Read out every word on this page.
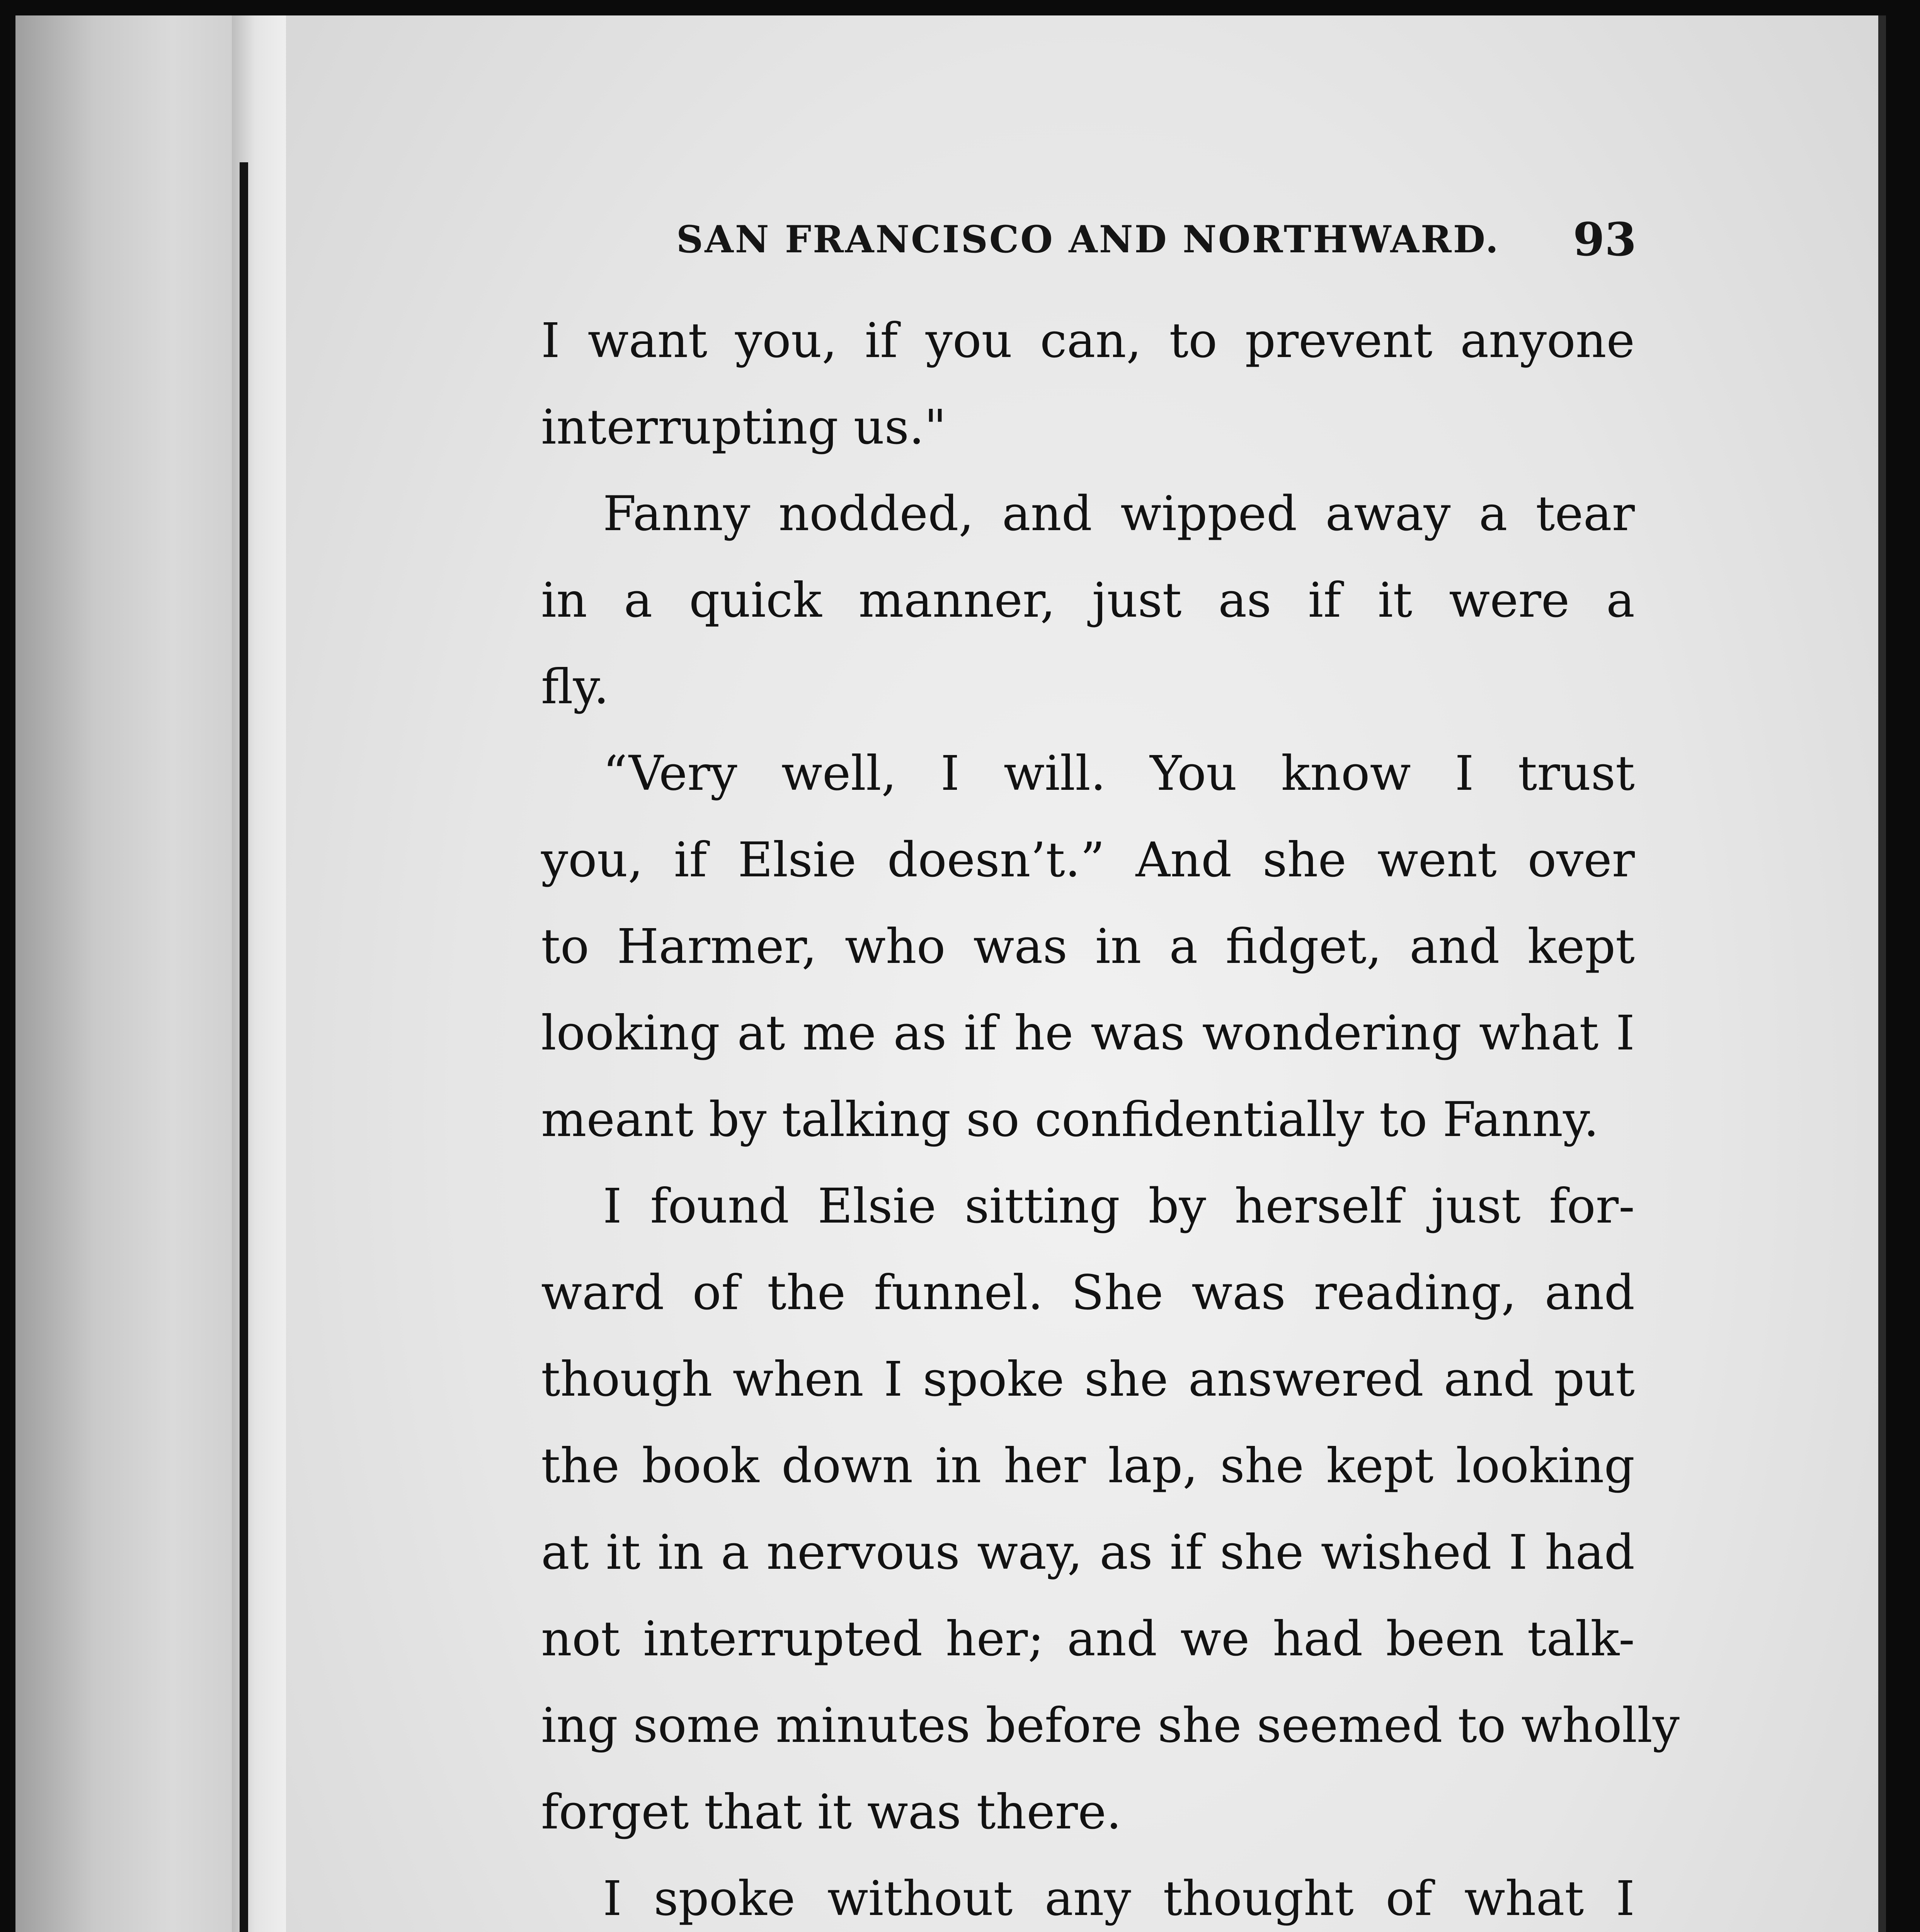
SAN FRANCISCO AND NORTHWARD.	93
I want you, if you can, to prevent anyone
interrupting us."
Fanny nodded, and wipped away a tear
in a quick manner, just as if it were a
fly.
“Very well, I will. You know I trust
you, if Elsie doesn’t.” And she went over
to Harmer, who was in a fidget, and kept
looking at me as if he was wondering what I
meant by talking so confidentially to Fanny.
I found Elsie sitting by herself just for-
ward of the funnel. She was reading, and
though when I spoke she answered and put
the book down in her lap, she kept looking
at it in a nervous way, as if she wished I had
not interrupted her; and we had been talk-
ing some minutes before she seemed to wholly
forget that it was there.
I spoke without any thought of what I
